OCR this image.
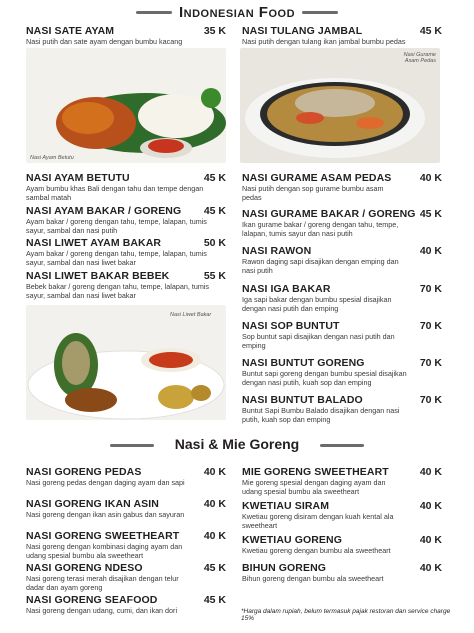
Indonesian Food
Nasi Ayam Betutu
Nasi Gurame Asam Pedas
Nasi Liwet Bakar
NASI SATE AYAM	35 K
Nasi putih dan sate ayam dengan bumbu kacang
NASI AYAM BETUTU	45 K
Ayam bumbu khas Bali dengan tahu dan tempe dengan sambal matah
NASI AYAM BAKAR / GORENG	45 K
Ayam bakar / goreng dengan tahu, tempe, lalapan, tumis sayur, sambal dan nasi putih
NASI LIWET AYAM BAKAR	50 K
Ayam bakar / goreng dengan tahu, tempe, lalapan, tumis sayur, sambal dan nasi liwet bakar
NASI LIWET BAKAR BEBEK	55 K
Bebek bakar / goreng dengan tahu, tempe, lalapan, tumis sayur, sambal dan nasi liwet bakar
NASI TULANG JAMBAL	45 K
Nasi putih dengan tulang ikan jambal bumbu pedas
NASI GURAME ASAM PEDAS	40 K
Nasi putih dengan sop gurame bumbu asam pedas
NASI GURAME BAKAR / GORENG 45 K
Ikan gurame bakar / goreng dengan tahu, tempe, lalapan, tumis sayur dan nasi putih
NASI RAWON	40 K
Rawon daging sapi disajikan dengan emping dan nasi putih
NASI IGA BAKAR	70 K
Iga sapi bakar dengan bumbu spesial disajikan dengan nasi putih dan emping
NASI SOP BUNTUT	70 K
Sop buntut sapi disajikan dengan nasi putih dan emping
NASI BUNTUT GORENG	70 K
Buntut sapi goreng dengan bumbu spesial disajikan dengan nasi putih, kuah sop dan emping
NASI BUNTUT BALADO	70 K
Buntut Sapi Bumbu Balado disajikan dengan nasi putih, kuah sop dan emping
Nasi & Mie Goreng
NASI GORENG PEDAS	40 K
Nasi goreng pedas dengan daging ayam dan sapi
NASI GORENG IKAN ASIN	40 K
Nasi goreng dengan ikan asin gabus dan sayuran
NASI GORENG SWEETHEART	40 K
Nasi goreng dengan kombinasi daging ayam dan udang spesial bumbu ala sweetheart
NASI GORENG NDESO	45 K
Nasi goreng terasi merah disajikan dengan telur dadar dan ayam goreng
NASI GORENG SEAFOOD	45 K
Nasi goreng dengan udang, cumi, dan ikan dori
MIE GORENG SWEETHEART	40 K
Mie goreng spesial dengan daging ayam dan udang spesial bumbu ala sweetheart
KWETIAU SIRAM	40 K
Kwetiau goreng disiram dengan kuah kental ala sweetheart
KWETIAU GORENG	40 K
Kwetiau goreng dengan bumbu ala sweetheart
BIHUN GORENG	40 K
Bihun goreng dengan bumbu ala sweetheart
*Harga dalam rupiah, belum termasuk pajak restoran dan service charge 15%
